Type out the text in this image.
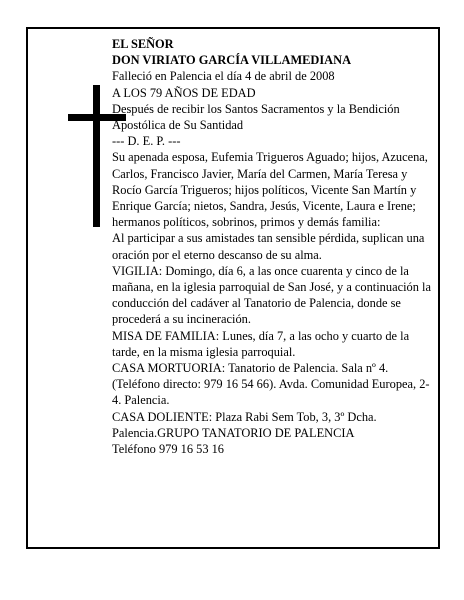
EL SEÑOR

DON VIRIATO GARCÍA VILLAMEDIANA

Falleció en Palencia el día 4 de abril de 2008

A LOS 79 AÑOS DE EDAD

Después de recibir los Santos Sacramentos y la Bendición Apostólica de Su Santidad

--- D. E. P. ---

Su apenada esposa, Eufemia Trigueros Aguado; hijos, Azucena, Carlos, Francisco Javier, María del Carmen, María Teresa y Rocío García Trigueros; hijos políticos, Vicente San Martín y Enrique García; nietos, Sandra, Jesús, Vicente, Laura e Irene; hermanos políticos, sobrinos, primos y demás familia:

Al participar a sus amistades tan sensible pérdida, suplican una oración por el eterno descanso de su alma.

VIGILIA: Domingo, día 6, a las once cuarenta y cinco de la mañana, en la iglesia parroquial de San José, y a continuación la conducción del cadáver al Tanatorio de Palencia, donde se procederá a su incineración.

MISA DE FAMILIA: Lunes, día 7, a las ocho y cuarto de la tarde, en la misma iglesia parroquial.

CASA MORTUORIA: Tanatorio de Palencia. Sala nº 4. (Teléfono directo: 979 16 54 66). Avda. Comunidad Europea, 2-4. Palencia.

CASA DOLIENTE: Plaza Rabi Sem Tob, 3, 3º Dcha. Palencia.GRUPO TANATORIO DE PALENCIA

Teléfono 979 16 53 16
